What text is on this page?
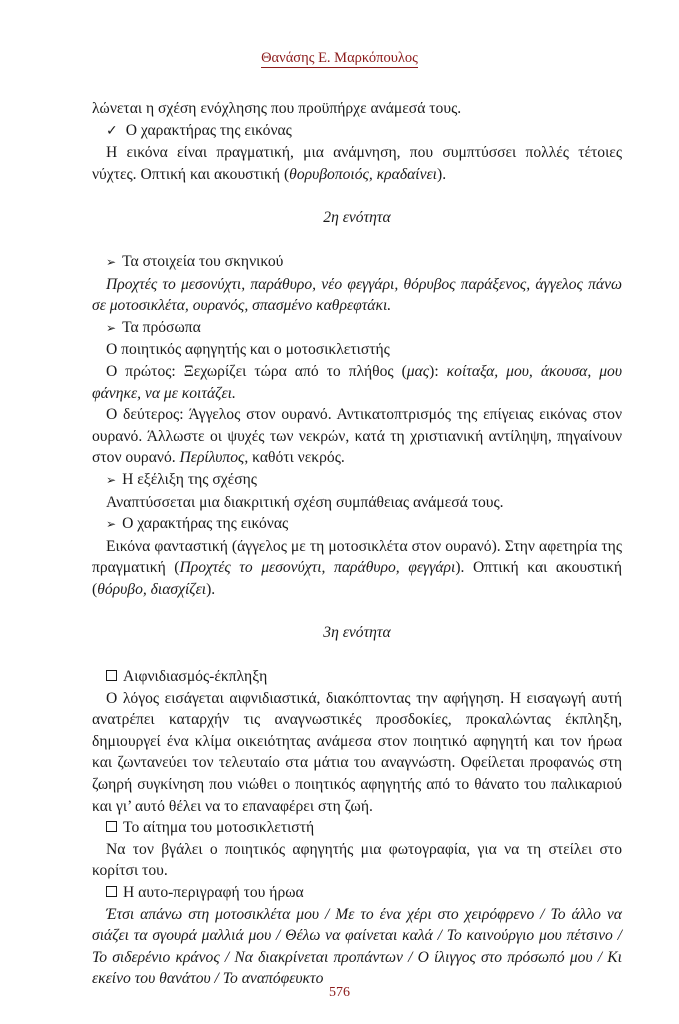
Θανάσης Ε. Μαρκόπουλος

λώνεται η σχέση ενόχλησης που προϋπήρχε ανάμεσά τους.

✓ Ο χαρακτήρας της εικόνας

Η εικόνα είναι πραγματική, μια ανάμνηση, που συμπτύσσει πολλές τέτοιες νύχτες. Οπτική και ακουστική (θορυβοποιός, κραδαίνει).

2η ενότητα

➢ Τα στοιχεία του σκηνικού

Προχτές το μεσονύχτι, παράθυρο, νέο φεγγάρι, θόρυβος παράξενος, άγγελος πάνω σε μοτοσικλέτα, ουρανός, σπασμένο καθρεφτάκι.

➢ Τα πρόσωπα

Ο ποιητικός αφηγητής και ο μοτοσικλετιστής

Ο πρώτος: Ξεχωρίζει τώρα από το πλήθος (μας): κοίταξα, μου, άκουσα, μου φάνηκε, να με κοιτάζει.

Ο δεύτερος: Άγγελος στον ουρανό. Αντικατοπτρισμός της επίγειας εικόνας στον ουρανό. Άλλωστε οι ψυχές των νεκρών, κατά τη χριστιανική αντίληψη, πηγαίνουν στον ουρανό. Περίλυπος, καθότι νεκρός.

➢ Η εξέλιξη της σχέσης

Αναπτύσσεται μια διακριτική σχέση συμπάθειας ανάμεσά τους.

➢ Ο χαρακτήρας της εικόνας

Εικόνα φανταστική (άγγελος με τη μοτοσικλέτα στον ουρανό). Στην αφετηρία της πραγματική (Προχτές το μεσονύχτι, παράθυρο, φεγγάρι). Οπτική και ακουστική (θόρυβο, διασχίζει).

3η ενότητα

Αιφνιδιασμός-έκπληξη

Ο λόγος εισάγεται αιφνιδιαστικά, διακόπτοντας την αφήγηση. Η εισαγωγή αυτή ανατρέπει καταρχήν τις αναγνωστικές προσδοκίες, προκαλώντας έκπληξη, δημιουργεί ένα κλίμα οικειότητας ανάμεσα στον ποιητικό αφηγητή και τον ήρωα και ζωντανεύει τον τελευταίο στα μάτια του αναγνώστη. Οφείλεται προφανώς στη ζωηρή συγκίνηση που νιώθει ο ποιητικός αφηγητής από το θάνατο του παλικαριού και γι’ αυτό θέλει να το επαναφέρει στη ζωή.

Το αίτημα του μοτοσικλετιστή

Να τον βγάλει ο ποιητικός αφηγητής μια φωτογραφία, για να τη στείλει στο κορίτσι του.

Η αυτο-περιγραφή του ήρωα

Έτσι απάνω στη μοτοσικλέτα μου / Με το ένα χέρι στο χειρόφρενο / Το άλλο να σιάζει τα σγουρά μαλλιά μου / Θέλω να φαίνεται καλά / Το καινούργιο μου πέτσινο / Το σιδερένιο κράνος / Να διακρίνεται προπάντων / Ο ίλιγγος στο πρόσωπό μου / Κι εκείνο του θανάτου / Το αναπόφευκτο

576
